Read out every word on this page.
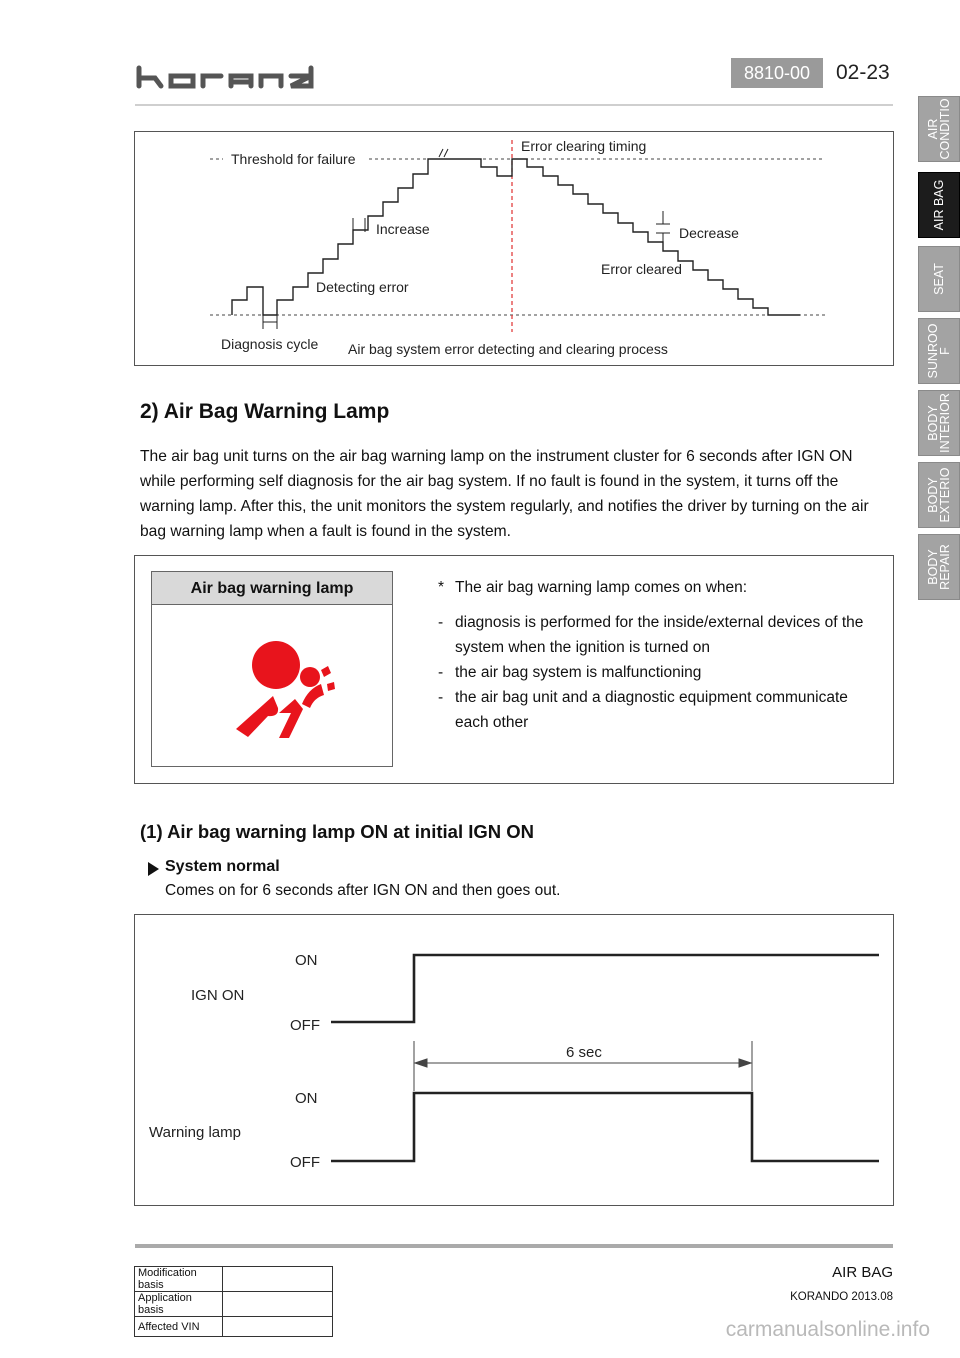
8810-00	02-23
AIR
CONDITIO
AIR BAG
SEAT
SUNROO
F
BODY
INTERIOR
BODY
EXTERIO
BODY
REPAIR
Threshold for failure
Error clearing timing
Increase	Decrease
Detecting error
Error cleared
Diagnosis cycle Air bag system error detecting and clearing process
2) Air Bag Warning Lamp
The air bag unit turns on the air bag warning lamp on the instrument cluster for 6 seconds after IGN ON while performing self diagnosis for the air bag system. If no fault is found in the system, it turns off the warning lamp. After this, the unit monitors the system regularly, and notifies the driver by turning on the air bag warning lamp when a fault is found in the system.
Air bag warning lamp	* The air bag warning lamp comes on when:
- diagnosis is performed for the inside/external devices of the system when the ignition is turned on
- the air bag system is malfunctioning
- the air bag unit and a diagnostic equipment communicate each other
(1) Air bag warning lamp ON at initial IGN ON
System normal
Comes on for 6 seconds after IGN ON and then goes out.
ON
IGN ON
OFF
6 sec
ON
Warning lamp
OFF
Modification basis	
Application basis	
Affected VIN	
AIR BAG
KORANDO 2013.08
carmanualsonline.info
